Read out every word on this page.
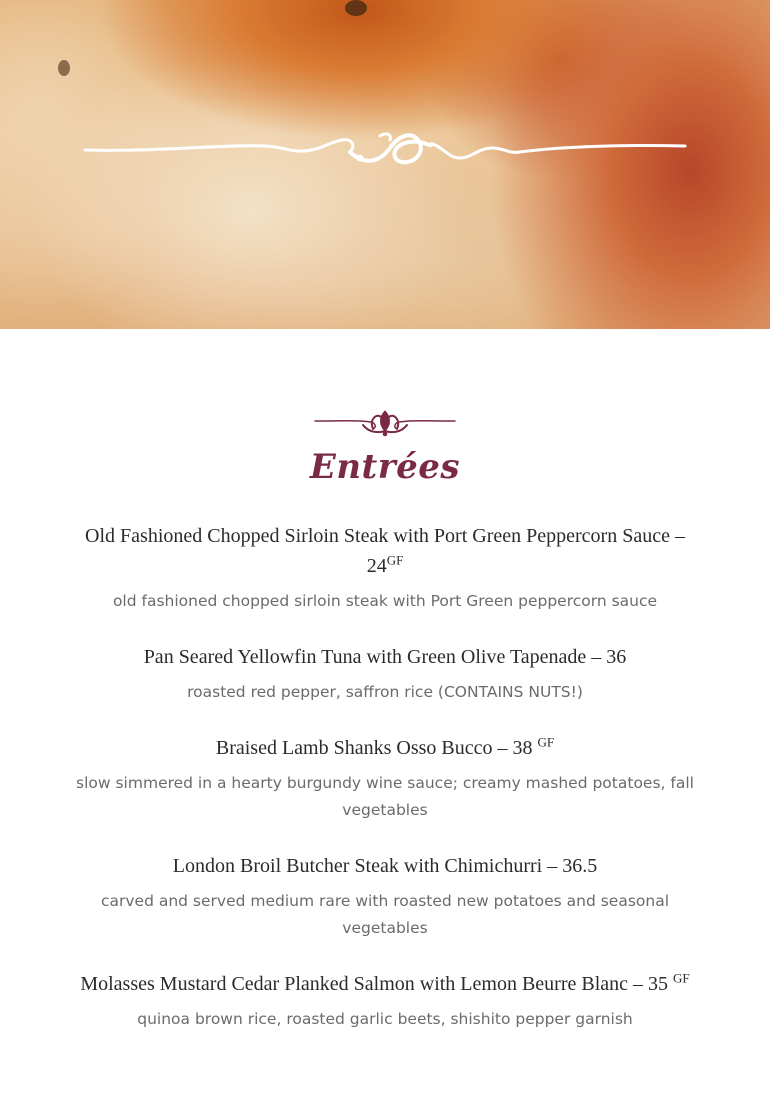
Entrées
Old Fashioned Chopped Sirloin Steak with Port Green Peppercorn Sauce – $24^{GF}$
old fashioned chopped sirloin steak with Port Green peppercorn sauce
Pan Seared Yellowfin Tuna with Green Olive Tapenade – 36
roasted red pepper, saffron rice (CONTAINS NUTS!)
Braised Lamb Shanks Osso Bucco – 38 $^{GF}$
slow simmered in a hearty burgundy wine sauce; creamy mashed potatoes, fall vegetables
London Broil Butcher Steak with Chimichurri – 36.5
carved and served medium rare with roasted new potatoes and seasonal vegetables
Molasses Mustard Cedar Planked Salmon with Lemon Beurre Blanc – 35 $^{GF}$
quinoa brown rice, roasted garlic beets, shishito pepper garnish
